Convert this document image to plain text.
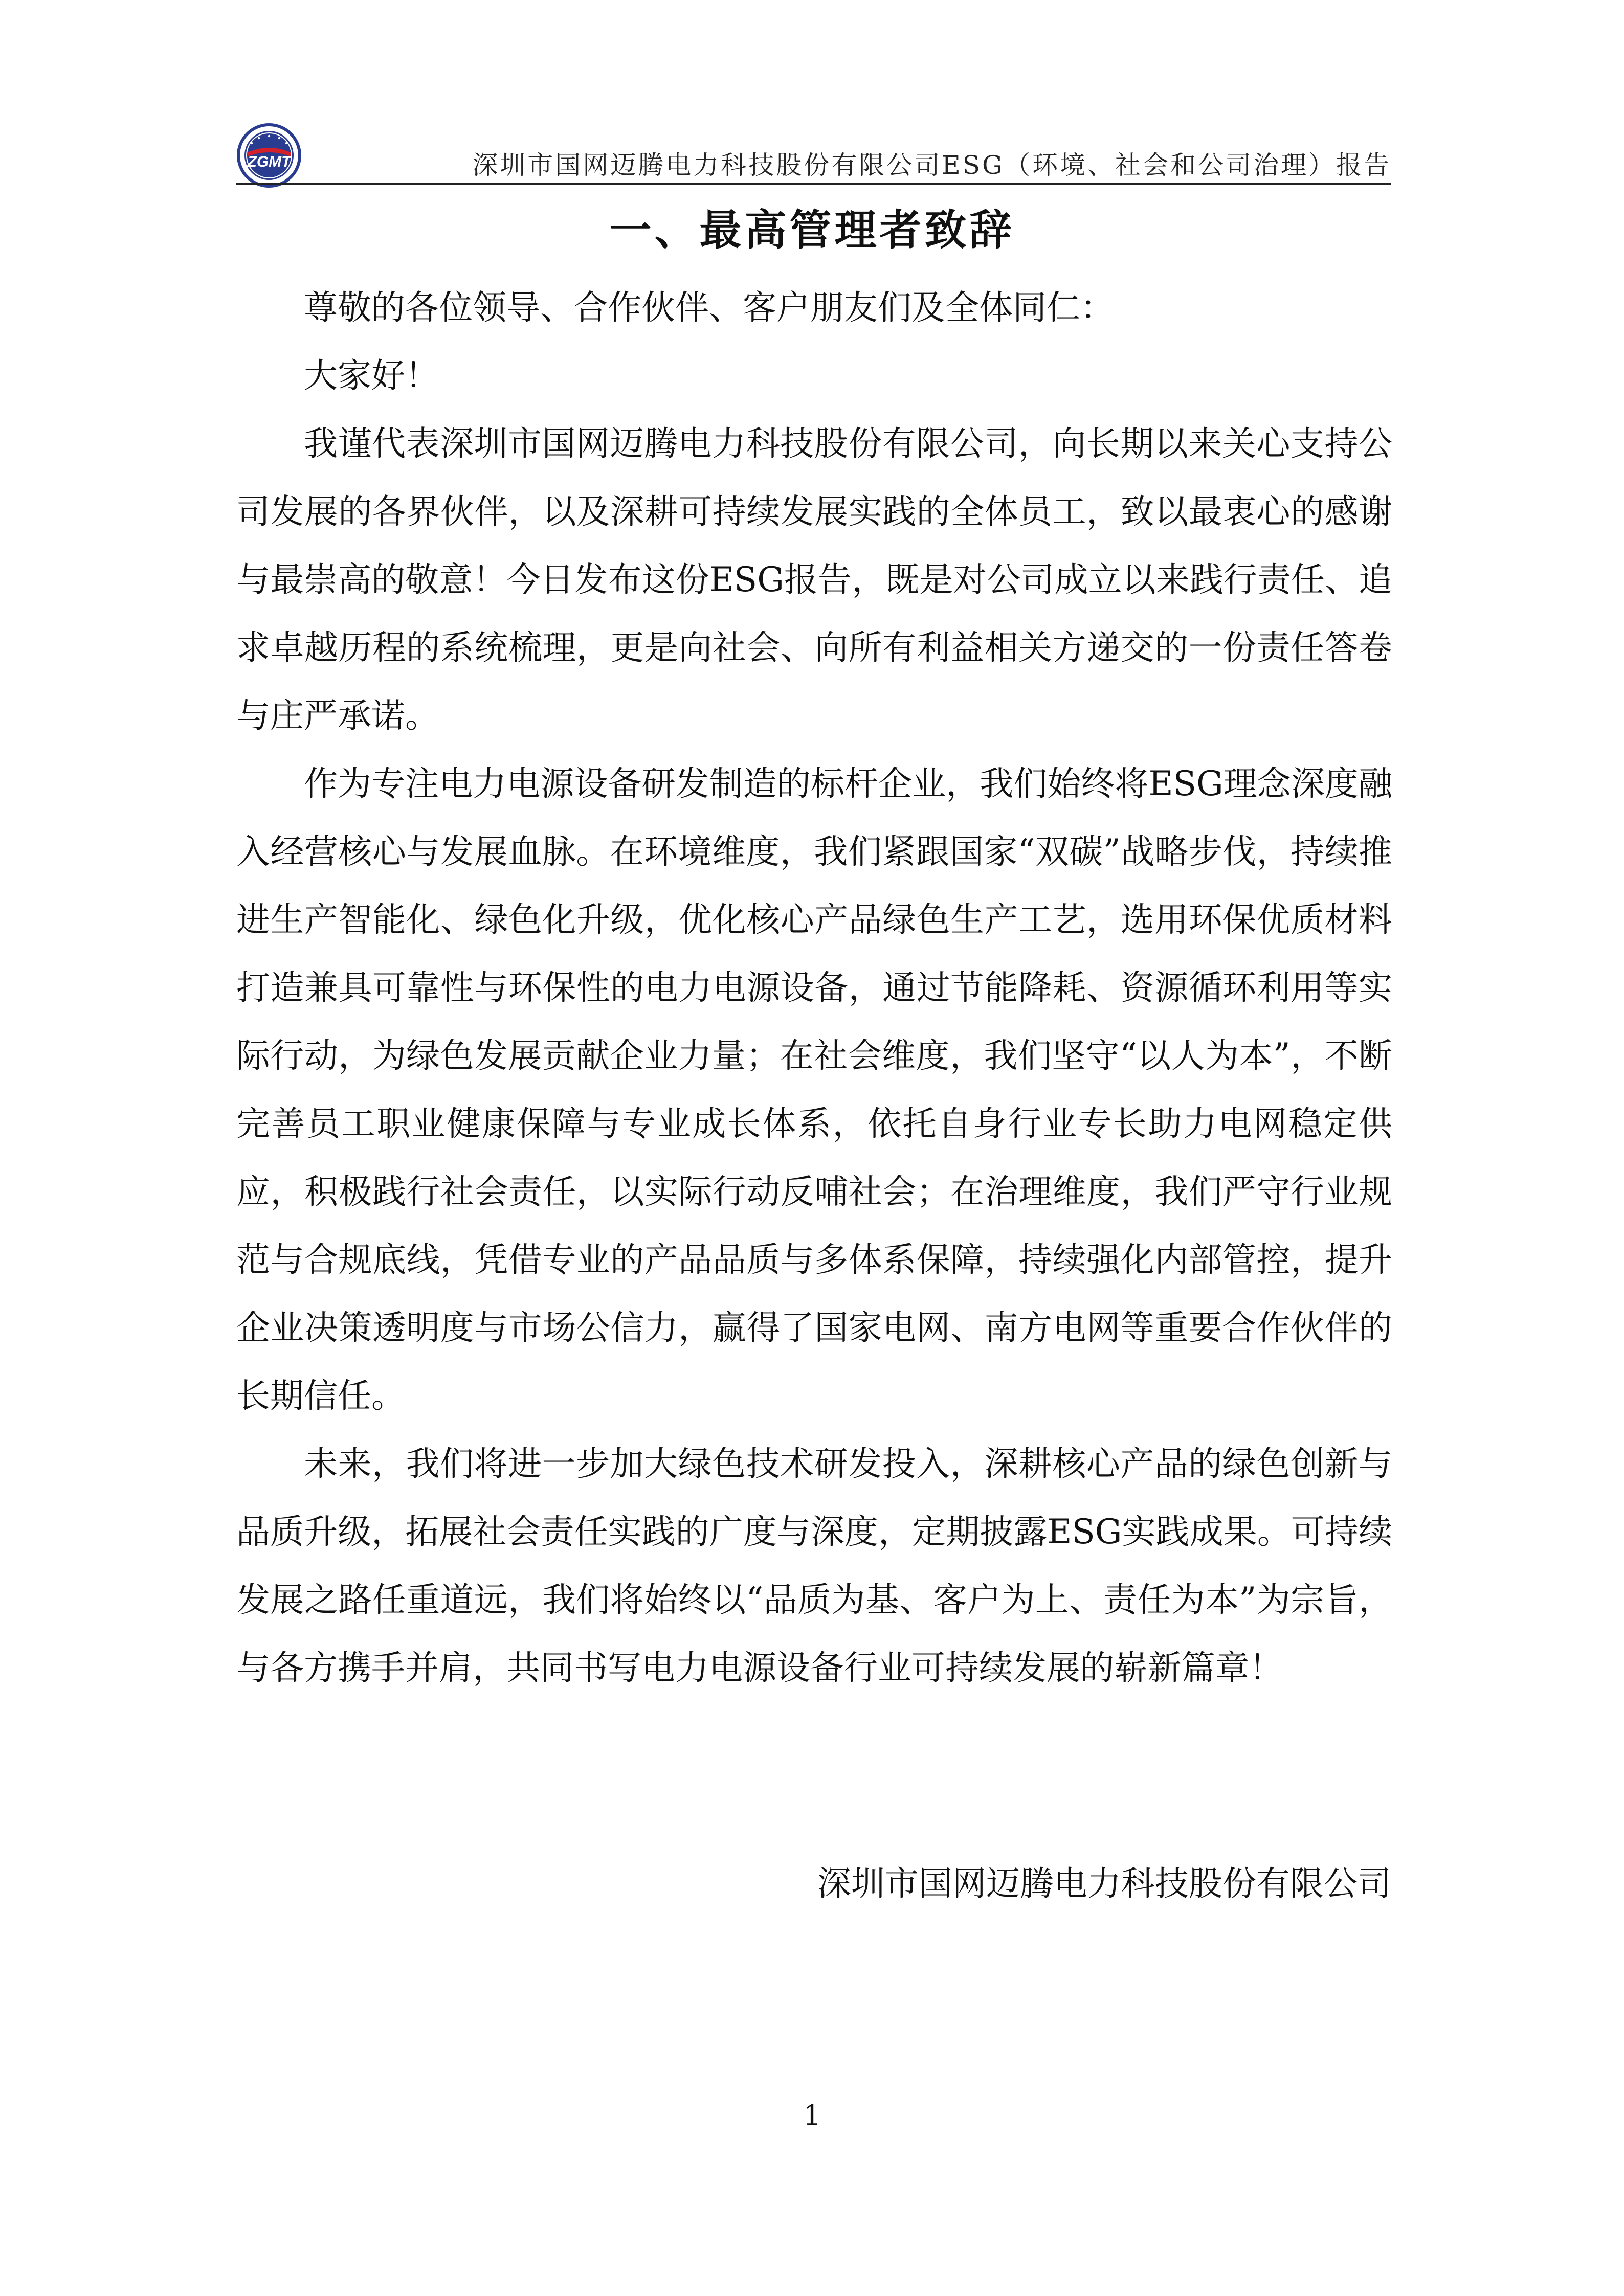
ZGMT	深圳市国网迈腾电力科技股份有限公司ESG（环境、社会和公司治理）报告
一、最高管理者致辞

尊敬的各位领导、合作伙伴、客户朋友们及全体同仁：

大家好！

我谨代表深圳市国网迈腾电力科技股份有限公司，向长期以来关心支持公司发展的各界伙伴，以及深耕可持续发展实践的全体员工，致以最衷心的感谢与最崇高的敬意！今日发布这份ESG报告，既是对公司成立以来践行责任、追求卓越历程的系统梳理，更是向社会、向所有利益相关方递交的一份责任答卷与庄严承诺。

作为专注电力电源设备研发制造的标杆企业，我们始终将ESG理念深度融入经营核心与发展血脉。在环境维度，我们紧跟国家“双碳”战略步伐，持续推进生产智能化、绿色化升级，优化核心产品绿色生产工艺，选用环保优质材料打造兼具可靠性与环保性的电力电源设备，通过节能降耗、资源循环利用等实际行动，为绿色发展贡献企业力量；在社会维度，我们坚守“以人为本”，不断完善员工职业健康保障与专业成长体系，依托自身行业专长助力电网稳定供应，积极践行社会责任，以实际行动反哺社会；在治理维度，我们严守行业规范与合规底线，凭借专业的产品品质与多体系保障，持续强化内部管控，提升企业决策透明度与市场公信力，赢得了国家电网、南方电网等重要合作伙伴的长期信任。

未来，我们将进一步加大绿色技术研发投入，深耕核心产品的绿色创新与品质升级，拓展社会责任实践的广度与深度，定期披露ESG实践成果。可持续发展之路任重道远，我们将始终以“品质为基、客户为上、责任为本”为宗旨，与各方携手并肩，共同书写电力电源设备行业可持续发展的崭新篇章！

深圳市国网迈腾电力科技股份有限公司
1
